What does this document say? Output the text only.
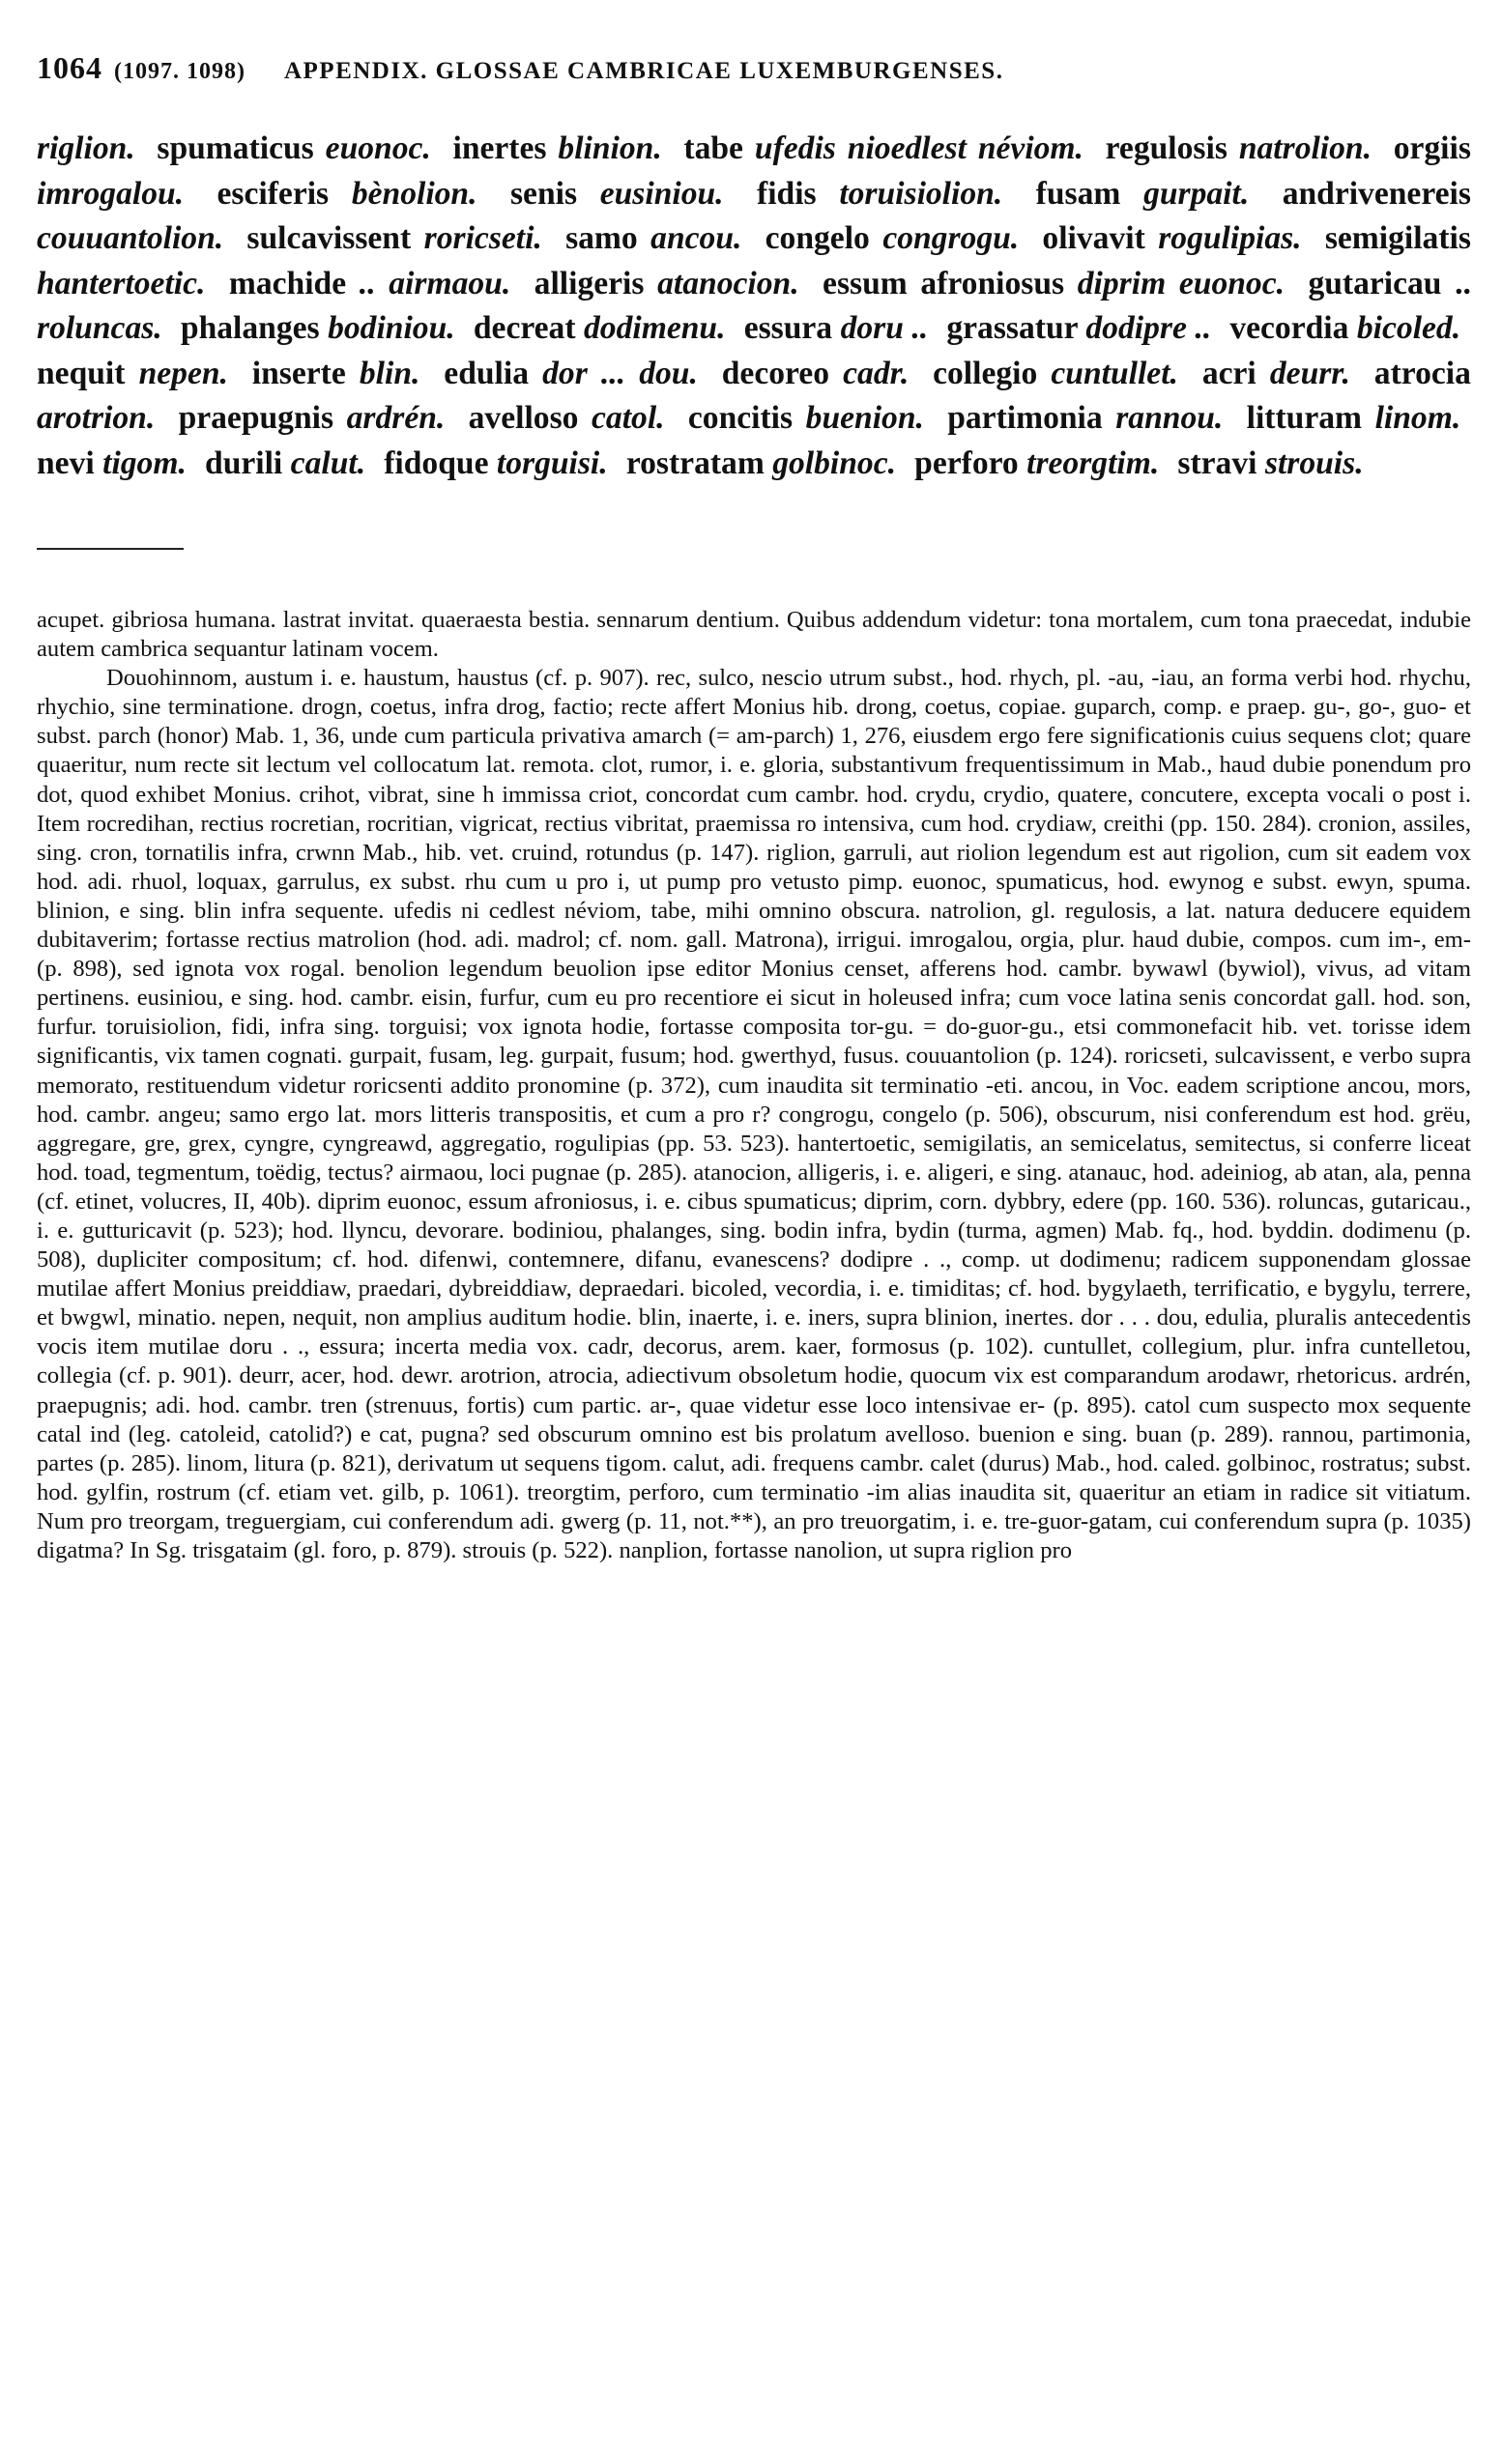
1064 (1097. 1098) APPENDIX. GLOSSAE CAMBRICAE LUXEMBURGENSES.
riglion. spumaticus euonoc. inertes blinion. tabe ufedis nioedlest néviom. regulosis natrolion. orgiis imrogalou. esciferis bènolion. senis eusiniou. fidis toruisiolion. fusam gurpait. andrivenereis couuantolion. sulcavissent roricseti. samo ancou. congelo congrogu. olivavit rogulipias. semigilatis hantertoetic. machide .. airmaou. alligeris atanocion. essum afroniosus diprim euonoc. gutaricau .. roluncas. phalanges bodiniou. decreat dodimenu. essura doru .. grassatur dodipre .. vecordia bicoled. nequit nepen. inserte blin. edulia dor ... dou. decoreo cadr. collegio cuntullet. acri deurr. atrocia arotrion. praepugnis ardrén. avelloso catol. concitis buenion. partimonia rannou. litturam linom. nevi tigom. durili calut. fidoque torguisi. rostratam golbinoc. perforo treorgtim. stravi strouis.

acupet. gibriosa humana. lastrat invitat. quaeraesta bestia. sennarum dentium. Quibus addendum videtur: tona mortalem, cum tona praecedat, indubie autem cambrica sequantur latinam vocem.

Douohinnom, austum i. e. haustum, haustus (cf. p. 907). rec, sulco, nescio utrum subst., hod. rhych, pl. -au, -iau, an forma verbi hod. rhychu, rhychio, sine terminatione. drogn, coetus, infra drog, factio; recte affert Monius hib. drong, coetus, copiae. guparch, comp. e praep. gu-, go-, guo- et subst. parch (honor) Mab. 1, 36, unde cum particula privativa amarch (= am-parch) 1, 276, eiusdem ergo fere significationis cuius sequens clot; quare quaeritur, num recte sit lectum vel collocatum lat. remota. clot, rumor, i. e. gloria, substantivum frequentissimum in Mab., haud dubie ponendum pro dot, quod exhibet Monius. crihot, vibrat, sine h immissa criot, concordat cum cambr. hod. crydu, crydio, quatere, concutere, excepta vocali o post i. Item rocredihan, rectius rocretian, rocritian, vigricat, rectius vibritat, praemissa ro intensiva, cum hod. crydiaw, creithi (pp. 150. 284). cronion, assiles, sing. cron, tornatilis infra, crwnn Mab., hib. vet. cruind, rotundus (p. 147). riglion, garruli, aut riolion legendum est aut rigolion, cum sit eadem vox hod. adi. rhuol, loquax, garrulus, ex subst. rhu cum u pro i, ut pump pro vetusto pimp. euonoc, spumaticus, hod. ewynog e subst. ewyn, spuma. blinion, e sing. blin infra sequente. ufedis ni cedlest néviom, tabe, mihi omnino obscura. natrolion, gl. regulosis, a lat. natura deducere equidem dubitaverim; fortasse rectius matrolion (hod. adi. madrol; cf. nom. gall. Matrona), irrigui. imrogalou, orgia, plur. haud dubie, compos. cum im-, em- (p. 898), sed ignota vox rogal. benolion legendum beuolion ipse editor Monius censet, afferens hod. cambr. bywawl (bywiol), vivus, ad vitam pertinens. eusiniou, e sing. hod. cambr. eisin, furfur, cum eu pro recentiore ei sicut in holeused infra; cum voce latina senis concordat gall. hod. son, furfur. toruisiolion, fidi, infra sing. torguisi; vox ignota hodie, fortasse composita tor-gu. = do-guor-gu., etsi commonefacit hib. vet. torisse idem significantis, vix tamen cognati. gurpait, fusam, leg. gurpait, fusum; hod. gwerthyd, fusus. couuantolion (p. 124). roricseti, sulcavissent, e verbo supra memorato, restituendum videtur roricsenti addito pronomine (p. 372), cum inaudita sit terminatio -eti. ancou, in Voc. eadem scriptione ancou, mors, hod. cambr. angeu; samo ergo lat. mors litteris transpositis, et cum a pro r? congrogu, congelo (p. 506), obscurum, nisi conferendum est hod. grëu, aggregare, gre, grex, cyngre, cyngreawd, aggregatio, rogulipias (pp. 53. 523). hantertoetic, semigilatis, an semicelatus, semitectus, si conferre liceat hod. toad, tegmentum, toëdig, tectus? airmaou, loci pugnae (p. 285). atanocion, alligeris, i. e. aligeri, e sing. atanauc, hod. adeiniog, ab atan, ala, penna (cf. etinet, volucres, II, 40b). diprim euonoc, essum afroniosus, i. e. cibus spumaticus; diprim, corn. dybbry, edere (pp. 160. 536). roluncas, gutaricau., i. e. gutturicavit (p. 523); hod. llyncu, devorare. bodiniou, phalanges, sing. bodin infra, bydin (turma, agmen) Mab. fq., hod. byddin. dodimenu (p. 508), dupliciter compositum; cf. hod. difenwi, contemnere, difanu, evanescens? dodipre . ., comp. ut dodimenu; radicem supponendam glossae mutilae affert Monius preiddiaw, praedari, dybreiddiaw, depraedari. bicoled, vecordia, i. e. timiditas; cf. hod. bygylaeth, terrificatio, e bygylu, terrere, et bwgwl, minatio. nepen, nequit, non amplius auditum hodie. blin, inaerte, i. e. iners, supra blinion, inertes. dor . . . dou, edulia, pluralis antecedentis vocis item mutilae doru . ., essura; incerta media vox. cadr, decorus, arem. kaer, formosus (p. 102). cuntullet, collegium, plur. infra cuntelletou, collegia (cf. p. 901). deurr, acer, hod. dewr. arotrion, atrocia, adiectivum obsoletum hodie, quocum vix est comparandum arodawr, rhetoricus. ardrén, praepugnis; adi. hod. cambr. tren (strenuus, fortis) cum partic. ar-, quae videtur esse loco intensivae er- (p. 895). catol cum suspecto mox sequente catal ind (leg. catoleid, catolid?) e cat, pugna? sed obscurum omnino est bis prolatum avelloso. buenion e sing. buan (p. 289). rannou, partimonia, partes (p. 285). linom, litura (p. 821), derivatum ut sequens tigom. calut, adi. frequens cambr. calet (durus) Mab., hod. caled. golbinoc, rostratus; subst. hod. gylfin, rostrum (cf. etiam vet. gilb, p. 1061). treorgtim, perforo, cum terminatio -im alias inaudita sit, quaeritur an etiam in radice sit vitiatum. Num pro treorgam, treguergiam, cui conferendum adi. gwerg (p. 11, not.**), an pro treuorgatim, i. e. tre-guor-gatam, cui conferendum supra (p. 1035) digatma? In Sg. trisgataim (gl. foro, p. 879). strouis (p. 522). nanplion, fortasse nanolion, ut supra riglion pro
